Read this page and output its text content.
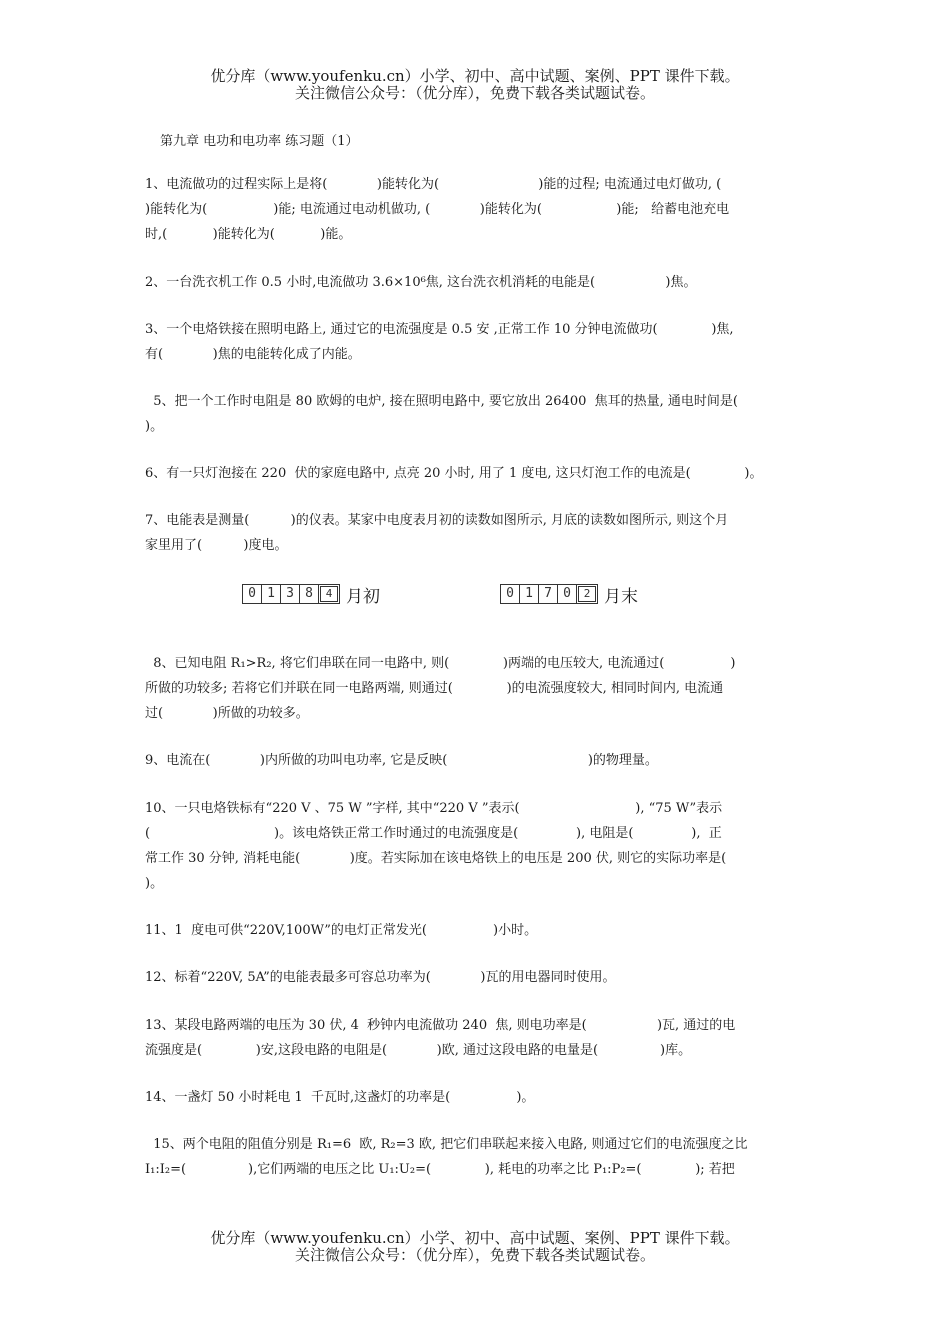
优分库（www.youfenku.cn）小学、初中、高中试题、案例、PPT 课件下载。
关注微信公众号：（优分库），免费下载各类试题试卷。
第九章 电功和电功率 练习题（1）
1、电流做功的过程实际上是将(            )能转化为(                        )能的过程; 电流通过电灯做功, (
)能转化为(                )能; 电流通过电动机做功, (            )能转化为(                  )能;   给蓄电池充电
时,(           )能转化为(           )能。
2、一台洗衣机工作 0.5 小时,电流做功 3.6×10⁶焦, 这台洗衣机消耗的电能是(                 )焦。
3、一个电烙铁接在照明电路上, 通过它的电流强度是 0.5 安 ,正常工作 10 分钟电流做功(             )焦,
有(            )焦的电能转化成了内能。
5、把一个工作时电阻是 80 欧姆的电炉, 接在照明电路中, 要它放出 26400  焦耳的热量, 通电时间是(
)。
6、有一只灯泡接在 220  伏的家庭电路中, 点亮 20 小时, 用了 1 度电, 这只灯泡工作的电流是(             )。
7、电能表是测量(          )的仪表。某家中电度表月初的读数如图所示, 月底的读数如图所示, 则这个月
家里用了(          )度电。
0 1 3 8	4 月初	0 1 7 0	2 月末
8、已知电阻 R₁>R₂, 将它们串联在同一电路中, 则(             )两端的电压较大, 电流通过(                )
所做的功较多; 若将它们并联在同一电路两端, 则通过(             )的电流强度较大, 相同时间内, 电流通
过(            )所做的功较多。
9、电流在(            )内所做的功叫电功率, 它是反映(                                  )的物理量。
10、一只电烙铁标有“220 V 、75 W ”字样, 其中“220 V ”表示(                            ), “75 W”表示
(                              )。该电烙铁正常工作时通过的电流强度是(              ), 电阻是(              ),  正
常工作 30 分钟, 消耗电能(            )度。若实际加在该电烙铁上的电压是 200 伏, 则它的实际功率是(
)。
11、1  度电可供“220V,100W”的电灯正常发光(                )小时。
12、标着“220V, 5A”的电能表最多可容总功率为(            )瓦的用电器同时使用。
13、某段电路两端的电压为 30 伏, 4  秒钟内电流做功 240  焦, 则电功率是(                 )瓦, 通过的电
流强度是(             )安,这段电路的电阻是(            )欧, 通过这段电路的电量是(               )库。
14、一盏灯 50 小时耗电 1  千瓦时,这盏灯的功率是(                )。
15、两个电阻的阻值分别是 R₁=6  欧, R₂=3 欧, 把它们串联起来接入电路, 则通过它们的电流强度之比
I₁:I₂=(               ),它们两端的电压之比 U₁:U₂=(             ), 耗电的功率之比 P₁:P₂=(             ); 若把
优分库（www.youfenku.cn）小学、初中、高中试题、案例、PPT 课件下载。
关注微信公众号：（优分库），免费下载各类试题试卷。
